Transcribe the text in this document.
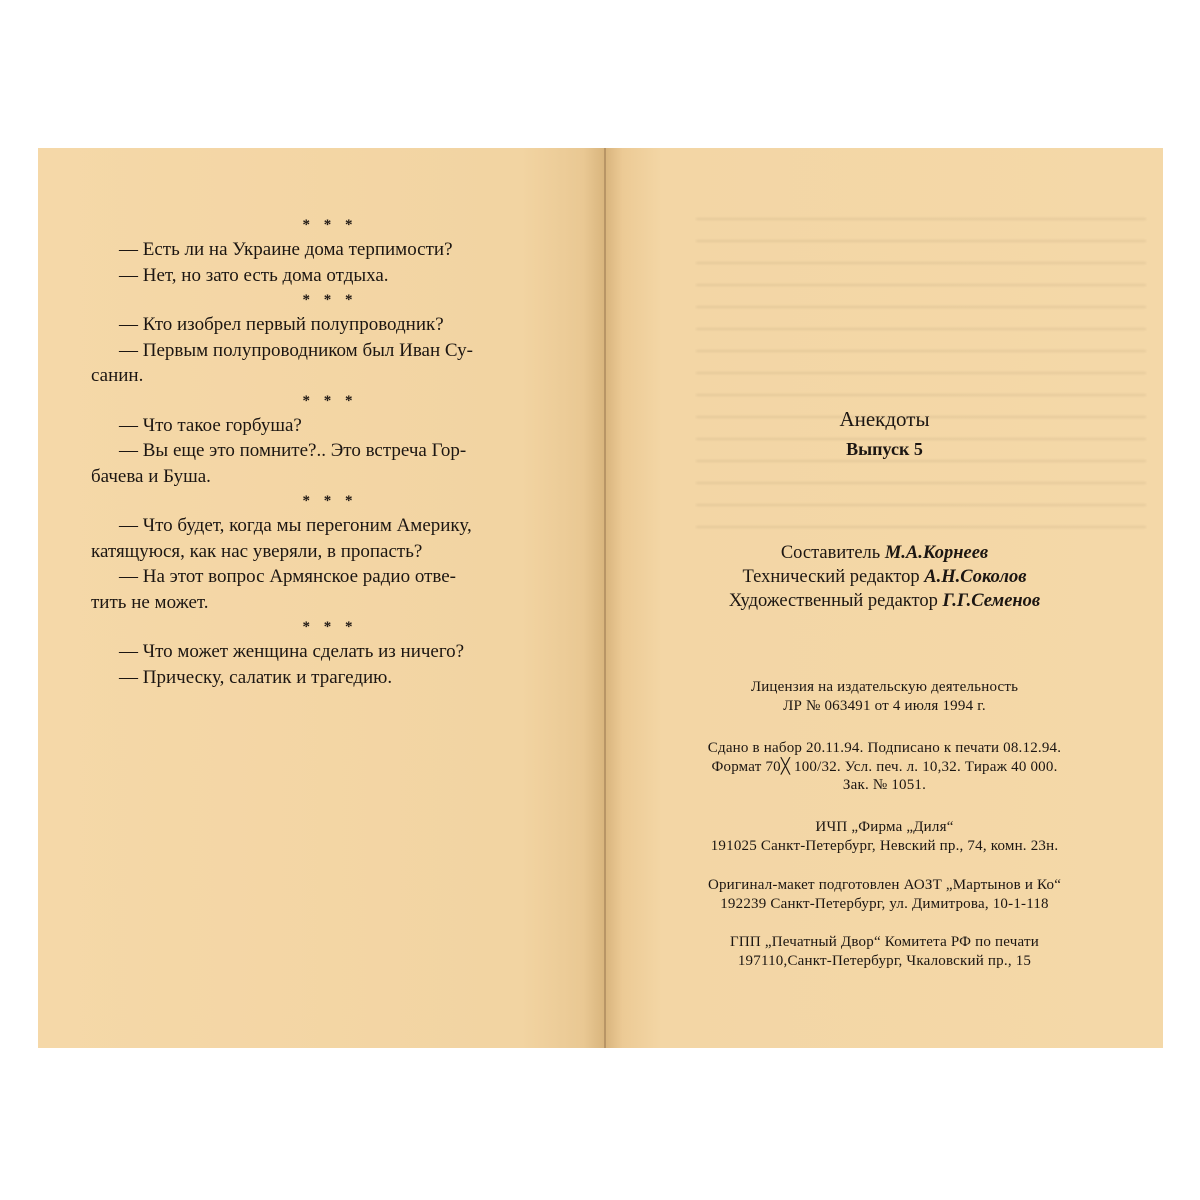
* * *
— Есть ли на Украине дома терпимости?
— Нет, но зато есть дома отдыха.
* * *
— Кто изобрел первый полупроводник?
— Первым полупроводником был Иван Су-
санин.
* * *
— Что такое горбуша?
— Вы еще это помните?.. Это встреча Гор-
бачева и Буша.
* * *
— Что будет, когда мы перегоним Америку,
катящуюся, как нас уверяли, в пропасть?
— На этот вопрос Армянское радио отве-
тить не может.
* * *
— Что может женщина сделать из ничего?
— Прическу, салатик и трагедию.
Анекдоты
Выпуск 5
Составитель М.А.Корнеев
Технический редактор А.Н.Соколов
Художественный редактор Г.Г.Семенов
Лицензия на издательскую деятельность
ЛР № 063491 от 4 июля 1994 г.
Сдано в набор 20.11.94. Подписано к печати 08.12.94.
Формат 70╳ 100/32. Усл. печ. л. 10,32. Тираж 40 000.
Зак. № 1051.
ИЧП „Фирма „Диля“
191025 Санкт-Петербург, Невский пр., 74, комн. 23н.
Оригинал-макет подготовлен АОЗТ „Мартынов и Ко“
192239 Санкт-Петербург, ул. Димитрова, 10-1-118
ГПП „Печатный Двор“ Комитета РФ по печати
197110,Санкт-Петербург, Чкаловский пр., 15
